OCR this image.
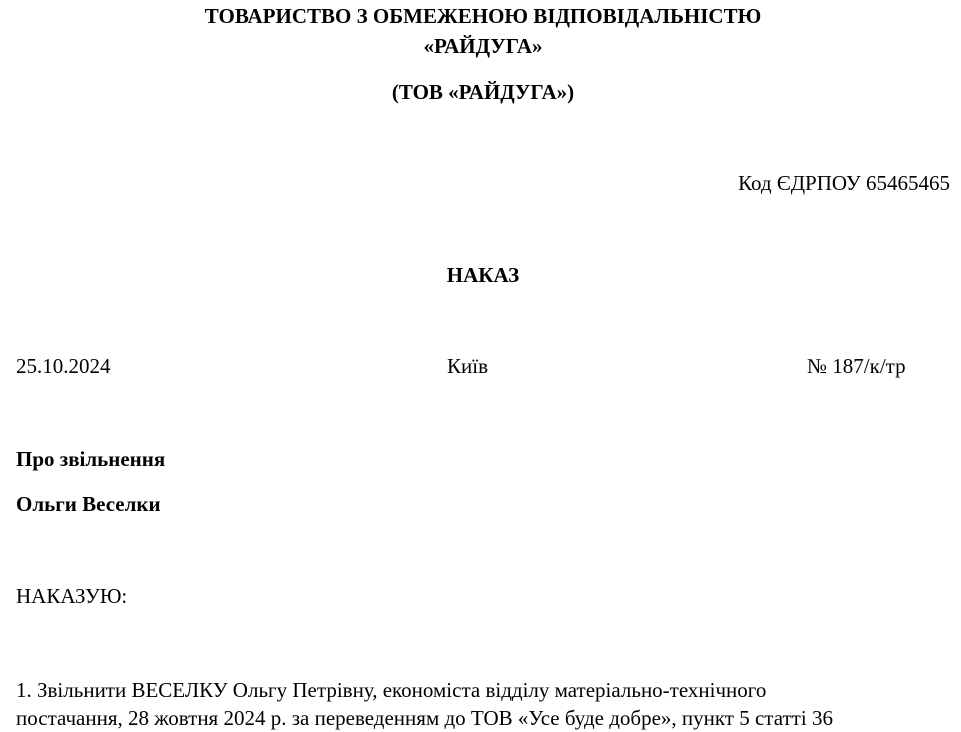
ТОВАРИСТВО З ОБМЕЖЕНОЮ ВІДПОВІДАЛЬНІСТЮ
«РАЙДУГА»
(ТОВ «РАЙДУГА»)
Код ЄДРПОУ 65465465
НАКАЗ
25.10.2024	Київ	№ 187/к/тр
Про звільнення
Ольги Веселки
НАКАЗУЮ:
1. Звільнити ВЕСЕЛКУ Ольгу Петрівну, економіста відділу матеріально-технічного
постачання, 28 жовтня 2024 р. за переведенням до ТОВ «Усе буде добре», пункт 5 статті 36
